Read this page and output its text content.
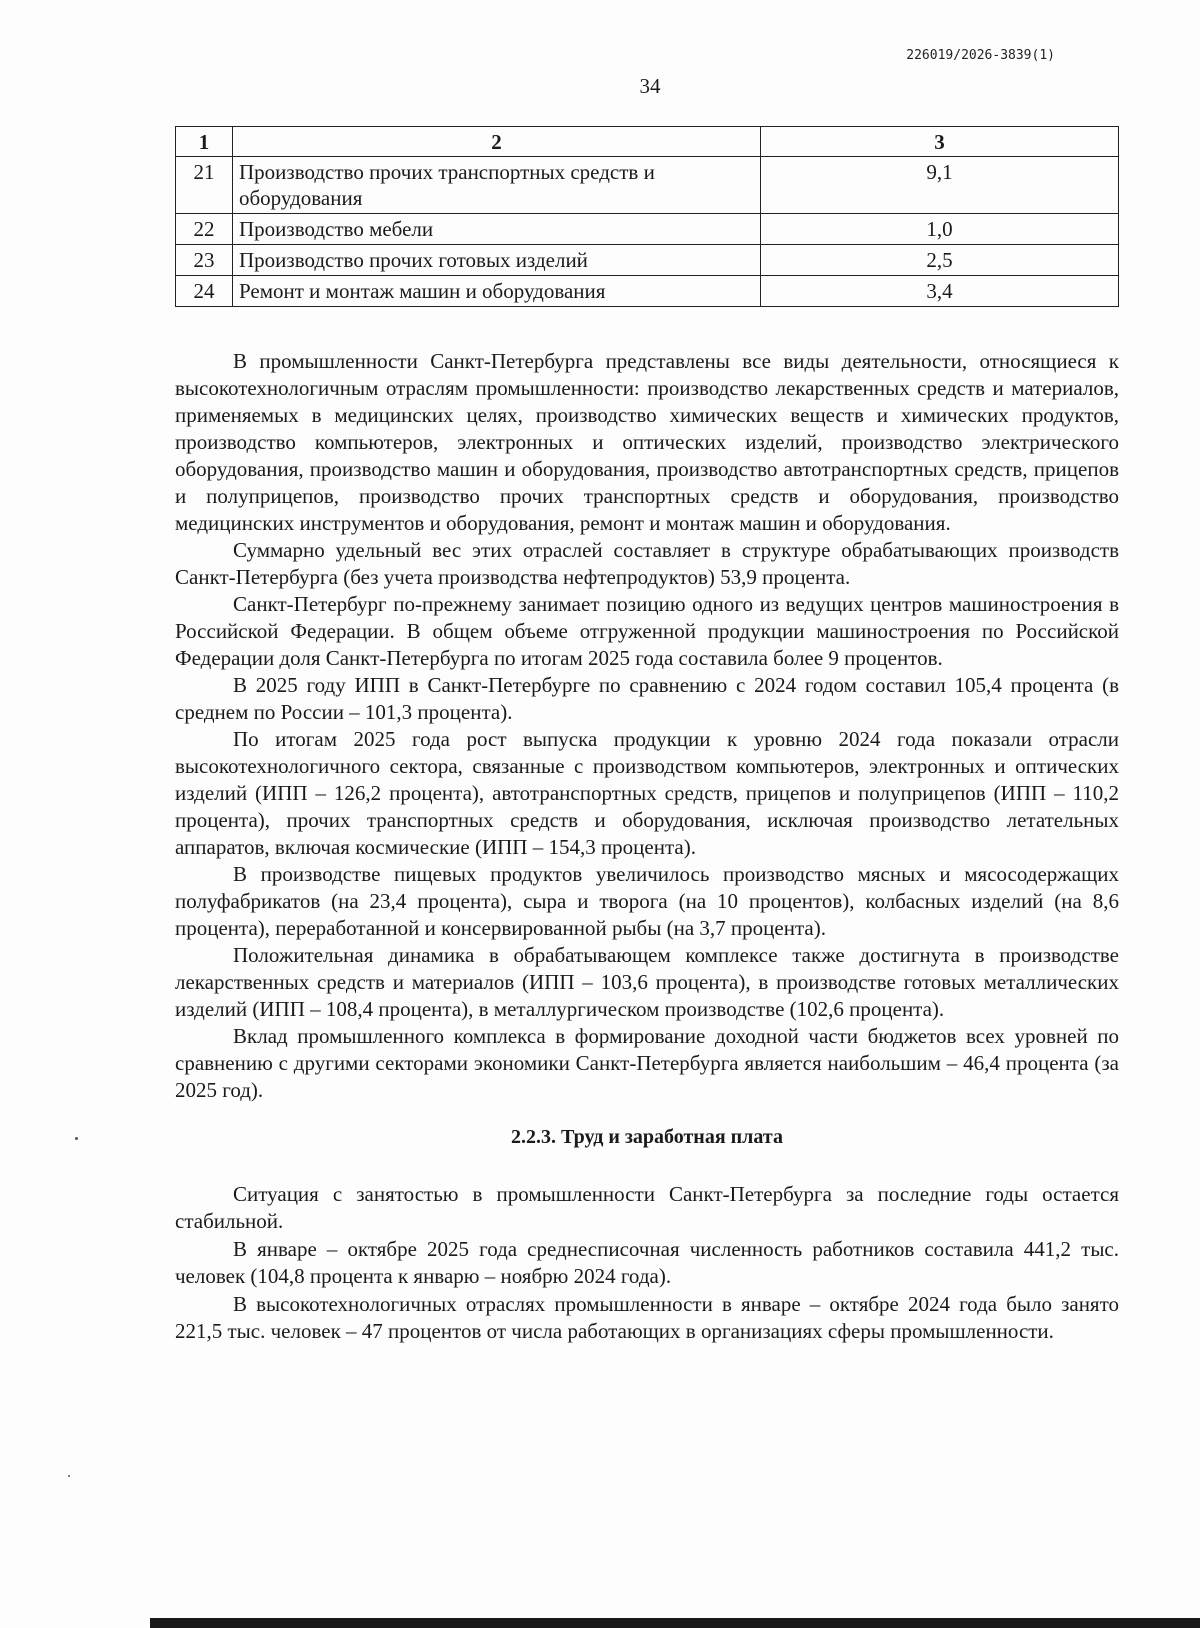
226019/2026-3839(1)
34
1	2	3
21	Производство прочих транспортных средств и оборудования	9,1
22	Производство мебели	1,0
23	Производство прочих готовых изделий	2,5
24	Ремонт и монтаж машин и оборудования	3,4

В промышленности Санкт-Петербурга представлены все виды деятельности, относящиеся к высокотехнологичным отраслям промышленности: производство лекарственных средств и материалов, применяемых в медицинских целях, производство химических веществ и химических продуктов, производство компьютеров, электронных и оптических изделий, производство электрического оборудования, производство машин и оборудования, производство автотранспортных средств, прицепов и полуприцепов, производство прочих транспортных средств и оборудования, производство медицинских инструментов и оборудования, ремонт и монтаж машин и оборудования.

Суммарно удельный вес этих отраслей составляет в структуре обрабатывающих производств Санкт-Петербурга (без учета производства нефтепродуктов) 53,9 процента.

Санкт-Петербург по-прежнему занимает позицию одного из ведущих центров машиностроения в Российской Федерации. В общем объеме отгруженной продукции машиностроения по Российской Федерации доля Санкт-Петербурга по итогам 2025 года составила более 9 процентов.

В 2025 году ИПП в Санкт-Петербурге по сравнению с 2024 годом составил 105,4 процента (в среднем по России – 101,3 процента).

По итогам 2025 года рост выпуска продукции к уровню 2024 года показали отрасли высокотехнологичного сектора, связанные с производством компьютеров, электронных и оптических изделий (ИПП – 126,2 процента), автотранспортных средств, прицепов и полуприцепов (ИПП – 110,2 процента), прочих транспортных средств и оборудования, исключая производство летательных аппаратов, включая космические (ИПП – 154,3 процента).

В производстве пищевых продуктов увеличилось производство мясных и мясосодержащих полуфабрикатов (на 23,4 процента), сыра и творога (на 10 процентов), колбасных изделий (на 8,6 процента), переработанной и консервированной рыбы (на 3,7 процента).

Положительная динамика в обрабатывающем комплексе также достигнута в производстве лекарственных средств и материалов (ИПП – 103,6 процента), в производстве готовых металлических изделий (ИПП – 108,4 процента), в металлургическом производстве (102,6 процента).

Вклад промышленного комплекса в формирование доходной части бюджетов всех уровней по сравнению с другими секторами экономики Санкт-Петербурга является наибольшим – 46,4 процента (за 2025 год).

2.2.3. Труд и заработная плата

Ситуация с занятостью в промышленности Санкт-Петербурга за последние годы остается стабильной.

В январе – октябре 2025 года среднесписочная численность работников составила 441,2 тыс. человек (104,8 процента к январю – ноябрю 2024 года).

В высокотехнологичных отраслях промышленности в январе – октябре 2024 года было занято 221,5 тыс. человек – 47 процентов от числа работающих в организациях сферы промышленности.
